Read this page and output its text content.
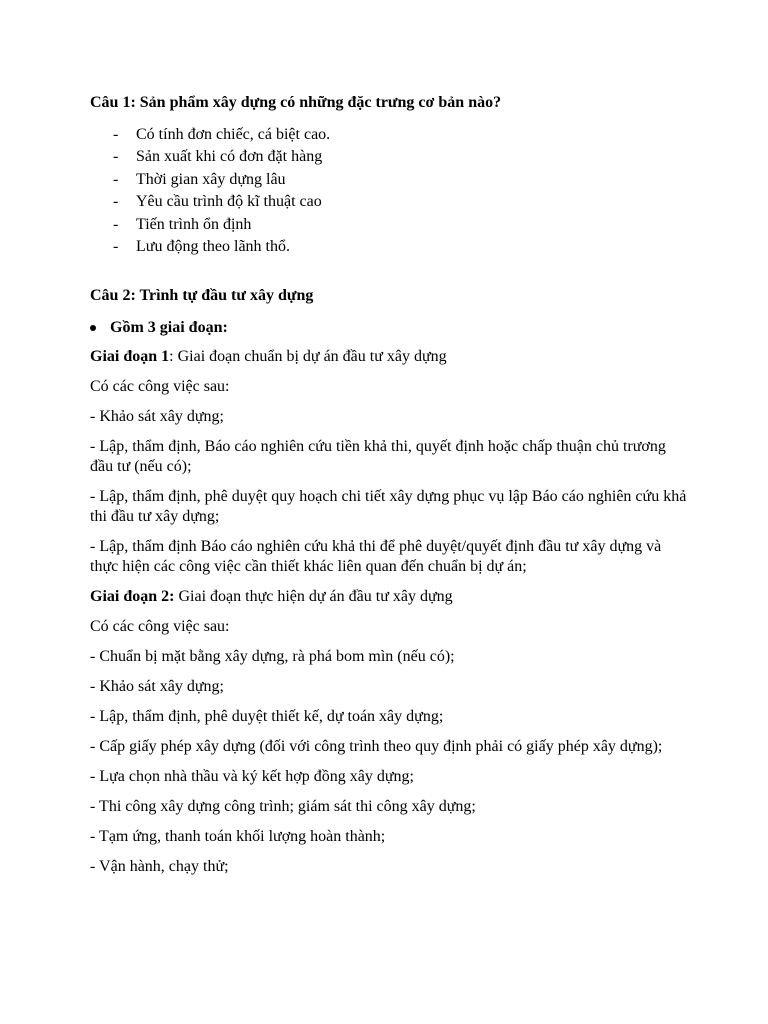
Câu 1: Sản phẩm xây dựng có những đặc trưng cơ bản nào?

- Có tính đơn chiếc, cá biệt cao.
- Sản xuất khi có đơn đặt hàng
- Thời gian xây dựng lâu
- Yêu cầu trình độ kĩ thuật cao
- Tiến trình ổn định
- Lưu động theo lãnh thổ.

Câu 2: Trình tự đầu tư xây dựng

Gồm 3 giai đoạn:

Giai đoạn 1: Giai đoạn chuẩn bị dự án đầu tư xây dựng

Có các công việc sau:

- Khảo sát xây dựng;

- Lập, thẩm định, Báo cáo nghiên cứu tiền khả thi, quyết định hoặc chấp thuận chủ trương đầu tư (nếu có);

- Lập, thẩm định, phê duyệt quy hoạch chi tiết xây dựng phục vụ lập Báo cáo nghiên cứu khả thi đầu tư xây dựng;

- Lập, thẩm định Báo cáo nghiên cứu khả thi để phê duyệt/quyết định đầu tư xây dựng và thực hiện các công việc cần thiết khác liên quan đến chuẩn bị dự án;

Giai đoạn 2: Giai đoạn thực hiện dự án đầu tư xây dựng

Có các công việc sau:

- Chuẩn bị mặt bằng xây dựng, rà phá bom mìn (nếu có);

- Khảo sát xây dựng;

- Lập, thẩm định, phê duyệt thiết kế, dự toán xây dựng;

- Cấp giấy phép xây dựng (đối với công trình theo quy định phải có giấy phép xây dựng);

- Lựa chọn nhà thầu và ký kết hợp đồng xây dựng;

- Thi công xây dựng công trình; giám sát thi công xây dựng;

- Tạm ứng, thanh toán khối lượng hoàn thành;

- Vận hành, chạy thử;
